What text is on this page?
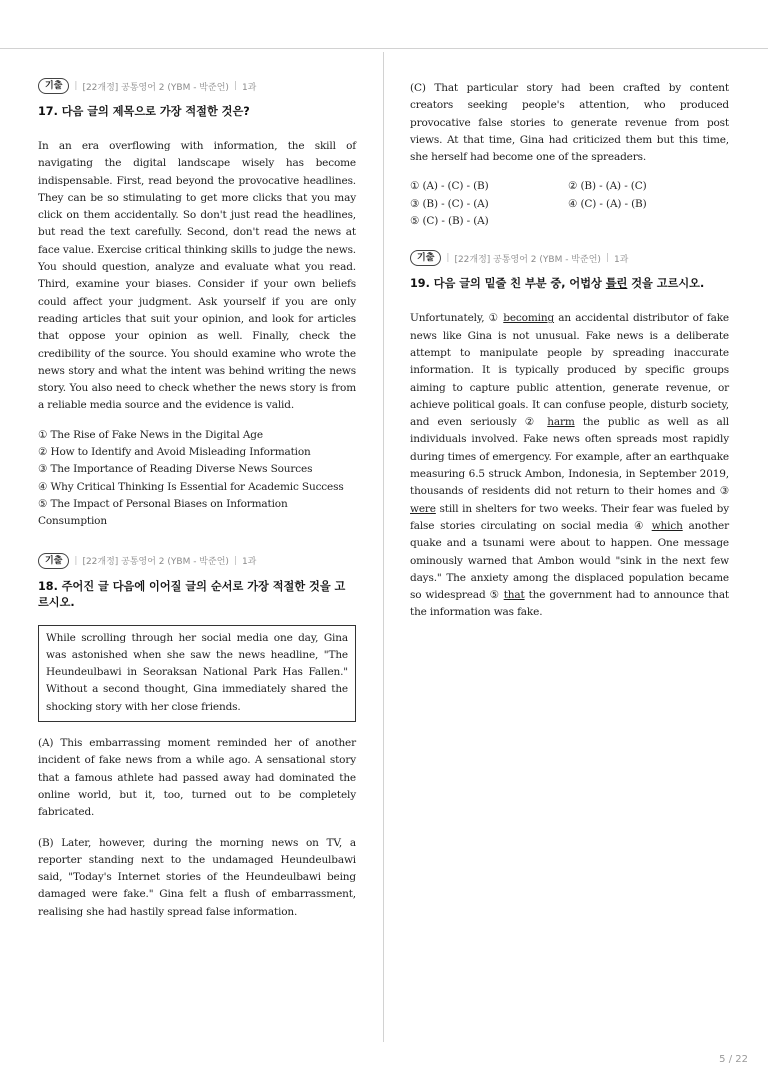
기출	| [22개정] 공통영어 2 (YBM - 박준언) | 1과
17. 다음 글의 제목으로 가장 적절한 것은?

In an era overflowing with information, the skill of navigating the digital landscape wisely has become indispensable. First, read beyond the provocative headlines. They can be so stimulating to get more clicks that you may click on them accidentally. So don't just read the headlines, but read the text carefully. Second, don't read the news at face value. Exercise critical thinking skills to judge the news. You should question, analyze and evaluate what you read. Third, examine your biases. Consider if your own beliefs could affect your judgment. Ask yourself if you are only reading articles that suit your opinion, and look for articles that oppose your opinion as well. Finally, check the credibility of the source. You should examine who wrote the news story and what the intent was behind writing the news story. You also need to check whether the news story is from a reliable media source and the evidence is valid.

① The Rise of Fake News in the Digital Age
② How to Identify and Avoid Misleading Information
③ The Importance of Reading Diverse News Sources
④ Why Critical Thinking Is Essential for Academic Success
⑤ The Impact of Personal Biases on Information Consumption
기출	| [22개정] 공통영어 2 (YBM - 박준언) | 1과
18. 주어진 글 다음에 이어질 글의 순서로 가장 적절한 것을 고르시오.
While scrolling through her social media one day, Gina was astonished when she saw the news headline, "The Heundeulbawi in Seoraksan National Park Has Fallen." Without a second thought, Gina immediately shared the shocking story with her close friends.

(A) This embarrassing moment reminded her of another incident of fake news from a while ago. A sensational story that a famous athlete had passed away had dominated the online world, but it, too, turned out to be completely fabricated.

(B) Later, however, during the morning news on TV, a reporter standing next to the undamaged Heundeulbawi said, "Today's Internet stories of the Heundeulbawi being damaged were fake." Gina felt a flush of embarrassment, realising she had hastily spread false information.

(C) That particular story had been crafted by content creators seeking people's attention, who produced provocative false stories to generate revenue from post views. At that time, Gina had criticized them but this time, she herself had become one of the spreaders.

① (A) - (C) - (B)	② (B) - (A) - (C)
③ (B) - (C) - (A)	④ (C) - (A) - (B)
⑤ (C) - (B) - (A)
기출	| [22개정] 공통영어 2 (YBM - 박준언) | 1과
19. 다음 글의 밑줄 친 부분 중, 어법상 틀린 것을 고르시오.

Unfortunately, ① becoming an accidental distributor of fake news like Gina is not unusual. Fake news is a deliberate attempt to manipulate people by spreading inaccurate information. It is typically produced by specific groups aiming to capture public attention, generate revenue, or achieve political goals. It can confuse people, disturb society, and even seriously ② harm the public as well as all individuals involved. Fake news often spreads most rapidly during times of emergency. For example, after an earthquake measuring 6.5 struck Ambon, Indonesia, in September 2019, thousands of residents did not return to their homes and ③ were still in shelters for two weeks. Their fear was fueled by false stories circulating on social media ④ which another quake and a tsunami were about to happen. One message ominously warned that Ambon would "sink in the next few days." The anxiety among the displaced population became so widespread ⑤ that the government had to announce that the information was fake.

5 / 22
